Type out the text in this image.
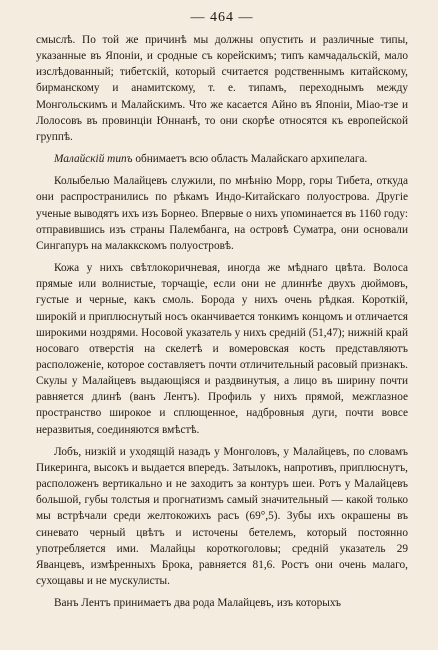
— 464 —

смыслѣ. По той же причинѣ мы должны опустить и различные типы, указанные въ Японіи, и сродные съ корейскимъ; типъ камчадальскій, мало изслѣдованный; тибетскій, который считается родственнымъ китайскому, бирманскому и анамитскому, т. е. типамъ, переходнымъ между Монгольскимъ и Малайскимъ. Что же касается Айно въ Японіи, Міао-тзе и Лолосовъ въ провинціи Юннанѣ, то они скорѣе относятся къ европейской группѣ.

Малайскій типъ обнимаетъ всю область Малайскаго архипелага.

Колыбелью Малайцевъ служили, по мнѣнію Морр, горы Тибета, откуда они распространились по рѣкамъ Индо-Китайскаго полуострова. Другіе ученые выводятъ ихъ изъ Борнео. Впервые о нихъ упоминается въ 1160 году: отправившись изъ страны Палембанга, на островѣ Суматра, они основали Сингапуръ на малаккскомъ полуостровѣ.

Кожа у нихъ свѣтлокоричневая, иногда же мѣднаго цвѣта. Волоса прямые или волнистые, торчащіе, если они не длиннѣе двухъ дюймовъ, густые и черные, какъ смоль. Борода у нихъ очень рѣдкая. Короткій, широкій и приплюснутый носъ оканчивается тонкимъ концомъ и отличается широкими ноздрями. Носовой указатель у нихъ средній (51,47); нижній край носоваго отверстія на скелетѣ и вомеровская кость представляютъ расположеніе, которое составляетъ почти отличительный расовый признакъ. Скулы у Малайцевъ выдающіяся и раздвинутыя, а лицо въ ширину почти равняется длинѣ (ванъ Лентъ). Профиль у нихъ прямой, межглазное пространство широкое и сплющенное, надбровныя дуги, почти вовсе неразвитыя, соединяются вмѣстѣ.

Лобъ, низкій и уходящій назадъ у Монголовъ, у Малайцевъ, по словамъ Пикеринга, высокъ и выдается впередъ. Затылокъ, напротивъ, приплюснутъ, расположенъ вертикально и не заходитъ за контуръ шеи. Ротъ у Малайцевъ большой, губы толстыя и прогнатизмъ самый значительный — какой только мы встрѣчали среди желтокожихъ расъ (69°,5). Зубы ихъ окрашены въ синевато черный цвѣтъ и источены бетелемъ, который постоянно употребляется ими. Малайцы короткоголовы; средній указатель 29 Яванцевъ, измѣренныхъ Брока, равняется 81,6. Ростъ они очень малаго, сухощавы и не мускулисты.

Ванъ Лентъ принимаетъ два рода Малайцевъ, изъ которыхъ
